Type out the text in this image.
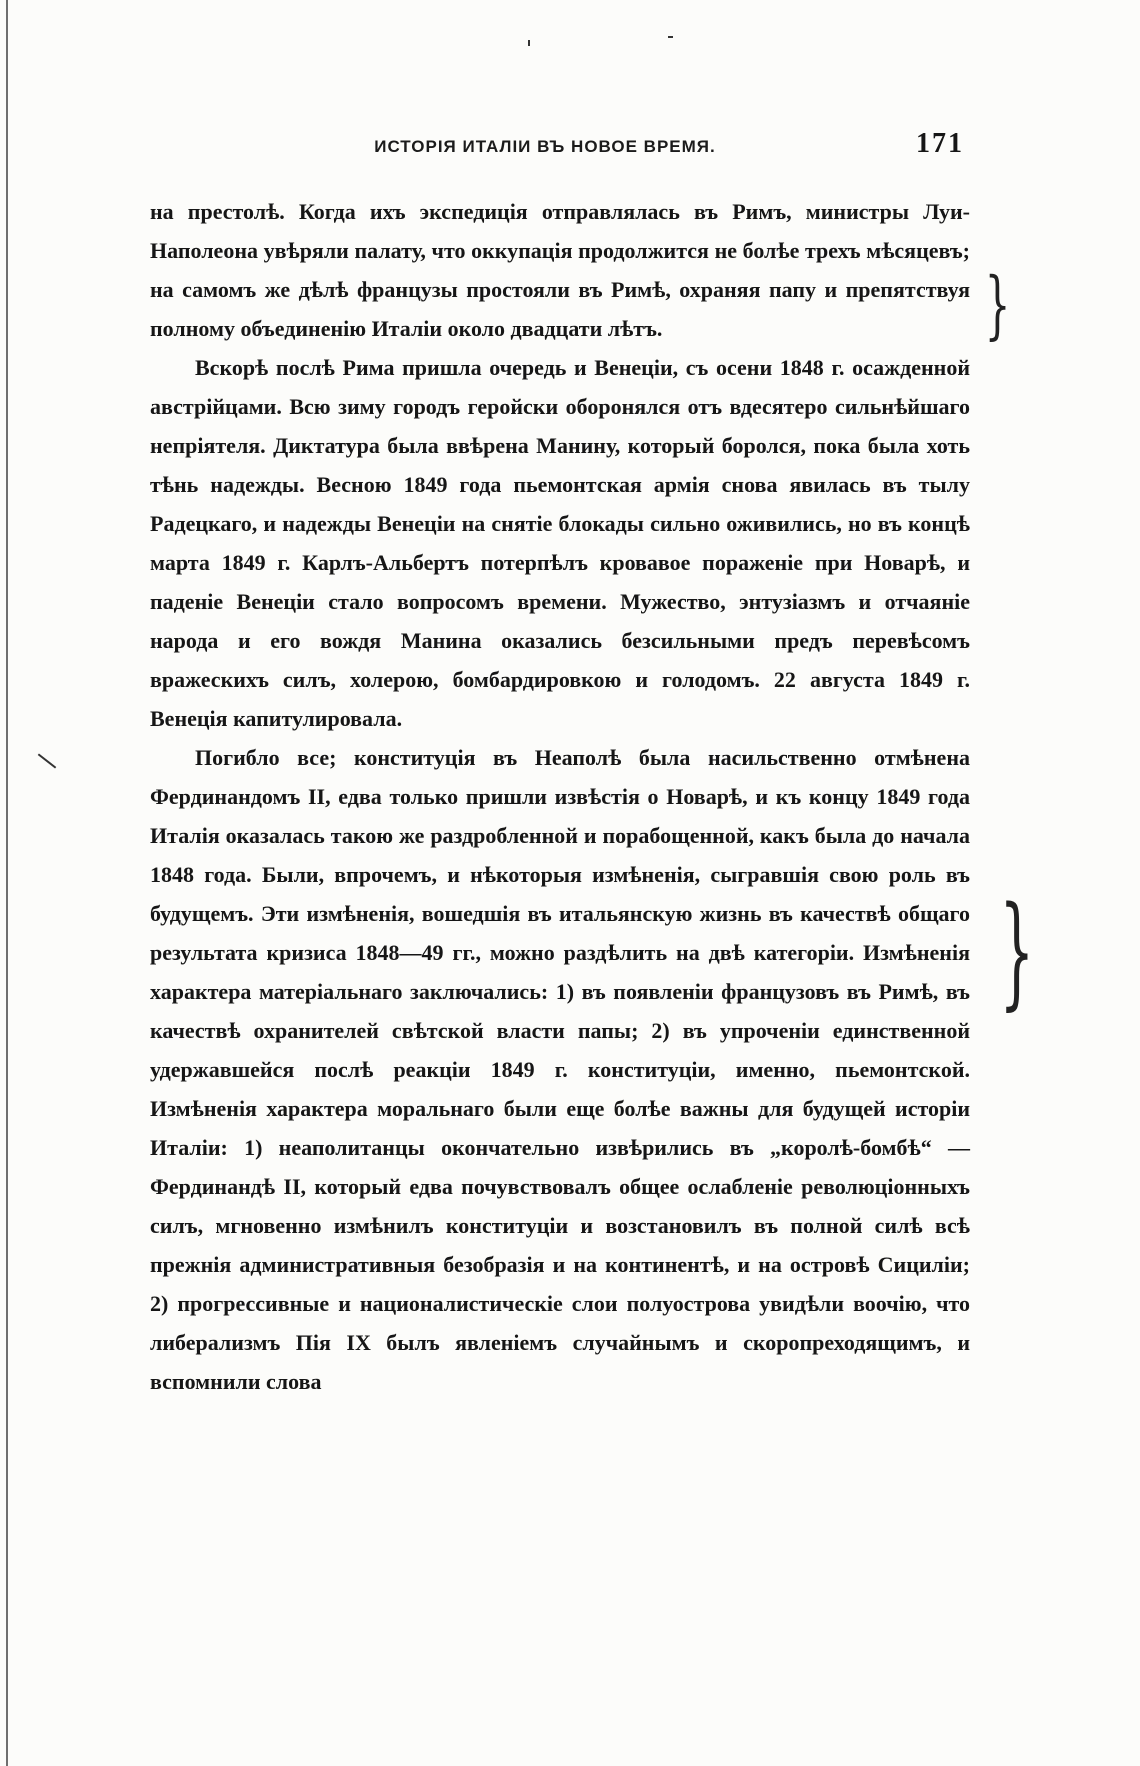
ИСТОРІЯ ИТАЛІИ ВЪ НОВОЕ ВРЕМЯ.	171

на престолѣ. Когда ихъ экспедиція отправлялась въ Римъ, министры Луи-Наполеона увѣряли палату, что оккупація продолжится не болѣе трехъ мѣсяцевъ; на самомъ же дѣлѣ французы простояли въ Римѣ, охраняя папу и препятствуя полному объединенію Италіи около двадцати лѣтъ.

Вскорѣ послѣ Рима пришла очередь и Венеціи, съ осени 1848 г. осажденной австрійцами. Всю зиму городъ геройски оборонялся отъ вдесятеро сильнѣйшаго непріятеля. Диктатура была ввѣрена Манину, который боролся, пока была хоть тѣнь надежды. Весною 1849 года пьемонтская армія снова явилась въ тылу Радецкаго, и надежды Венеціи на снятіе блокады сильно оживились, но въ концѣ марта 1849 г. Карлъ-Альбертъ потерпѣлъ кровавое пораженіе при Новарѣ, и паденіе Венеціи стало вопросомъ времени. Мужество, энтузіазмъ и отчаяніе народа и его вождя Манина оказались безсильными предъ перевѣсомъ вражескихъ силъ, холерою, бомбардировкою и голодомъ. 22 августа 1849 г. Венеція капитулировала.

Погибло все; конституція въ Неаполѣ была насильственно отмѣнена Фердинандомъ II, едва только пришли извѣстія о Новарѣ, и къ концу 1849 года Италія оказалась такою же раздробленной и порабощенной, какъ была до начала 1848 года. Были, впрочемъ, и нѣкоторыя измѣненія, сыгравшія свою роль въ будущемъ. Эти измѣненія, вошедшія въ итальянскую жизнь въ качествѣ общаго результата кризиса 1848—49 гг., можно раздѣлить на двѣ категоріи. Измѣненія характера матеріальнаго заключались: 1) въ появленіи французовъ въ Римѣ, въ качествѣ охранителей свѣтской власти папы; 2) въ упроченіи единственной удержавшейся послѣ реакціи 1849 г. конституціи, именно, пьемонтской. Измѣненія характера моральнаго были еще болѣе важны для будущей исторіи Италіи: 1) неаполитанцы окончательно извѣрились въ „королѣ-бомбѣ“ — Фердинандѣ II, который едва почувствовалъ общее ослабленіе революціонныхъ силъ, мгновенно измѣнилъ конституціи и возстановилъ въ полной силѣ всѣ прежнія административныя безобразія и на континентѣ, и на островѣ Сициліи; 2) прогрессивные и националистическіе слои полуострова увидѣли воочію, что либерализмъ Пія IX былъ явленіемъ случайнымъ и скоропреходящимъ, и вспомнили слова

}
}
